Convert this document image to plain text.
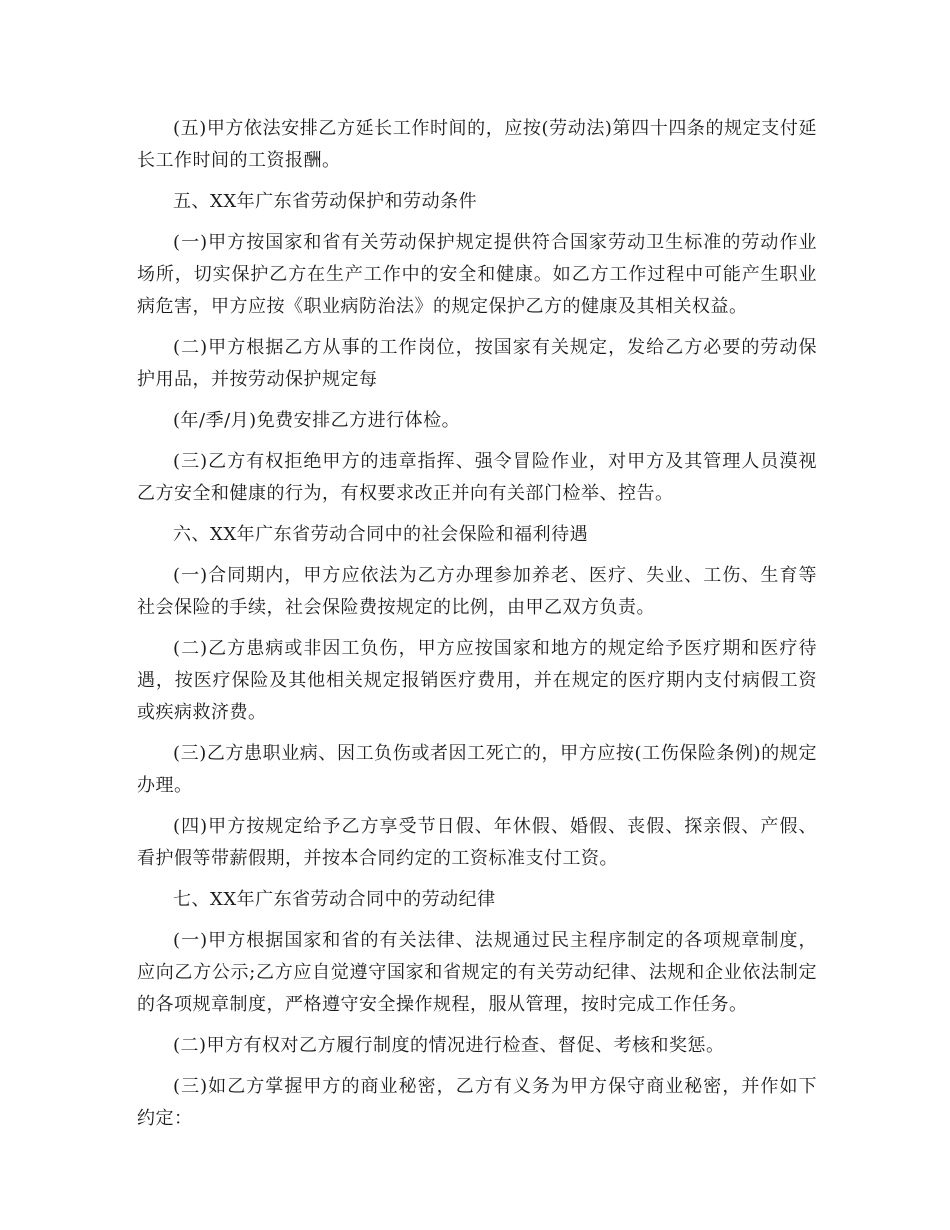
(五)甲方依法安排乙方延长工作时间的，应按(劳动法)第四十四条的规定支付延长工作时间的工资报酬。

五、XX年广东省劳动保护和劳动条件

(一)甲方按国家和省有关劳动保护规定提供符合国家劳动卫生标准的劳动作业场所，切实保护乙方在生产工作中的安全和健康。如乙方工作过程中可能产生职业病危害，甲方应按《职业病防治法》的规定保护乙方的健康及其相关权益。

(二)甲方根据乙方从事的工作岗位，按国家有关规定，发给乙方必要的劳动保护用品，并按劳动保护规定每

(年/季/月)免费安排乙方进行体检。

(三)乙方有权拒绝甲方的违章指挥、强令冒险作业，对甲方及其管理人员漠视乙方安全和健康的行为，有权要求改正并向有关部门检举、控告。

六、XX年广东省劳动合同中的社会保险和福利待遇

(一)合同期内，甲方应依法为乙方办理参加养老、医疗、失业、工伤、生育等社会保险的手续，社会保险费按规定的比例，由甲乙双方负责。

(二)乙方患病或非因工负伤，甲方应按国家和地方的规定给予医疗期和医疗待遇，按医疗保险及其他相关规定报销医疗费用，并在规定的医疗期内支付病假工资或疾病救济费。

(三)乙方患职业病、因工负伤或者因工死亡的，甲方应按(工伤保险条例)的规定办理。

(四)甲方按规定给予乙方享受节日假、年休假、婚假、丧假、探亲假、产假、看护假等带薪假期，并按本合同约定的工资标准支付工资。

七、XX年广东省劳动合同中的劳动纪律

(一)甲方根据国家和省的有关法律、法规通过民主程序制定的各项规章制度，应向乙方公示;乙方应自觉遵守国家和省规定的有关劳动纪律、法规和企业依法制定的各项规章制度，严格遵守安全操作规程，服从管理，按时完成工作任务。

(二)甲方有权对乙方履行制度的情况进行检查、督促、考核和奖惩。

(三)如乙方掌握甲方的商业秘密，乙方有义务为甲方保守商业秘密，并作如下约定：
